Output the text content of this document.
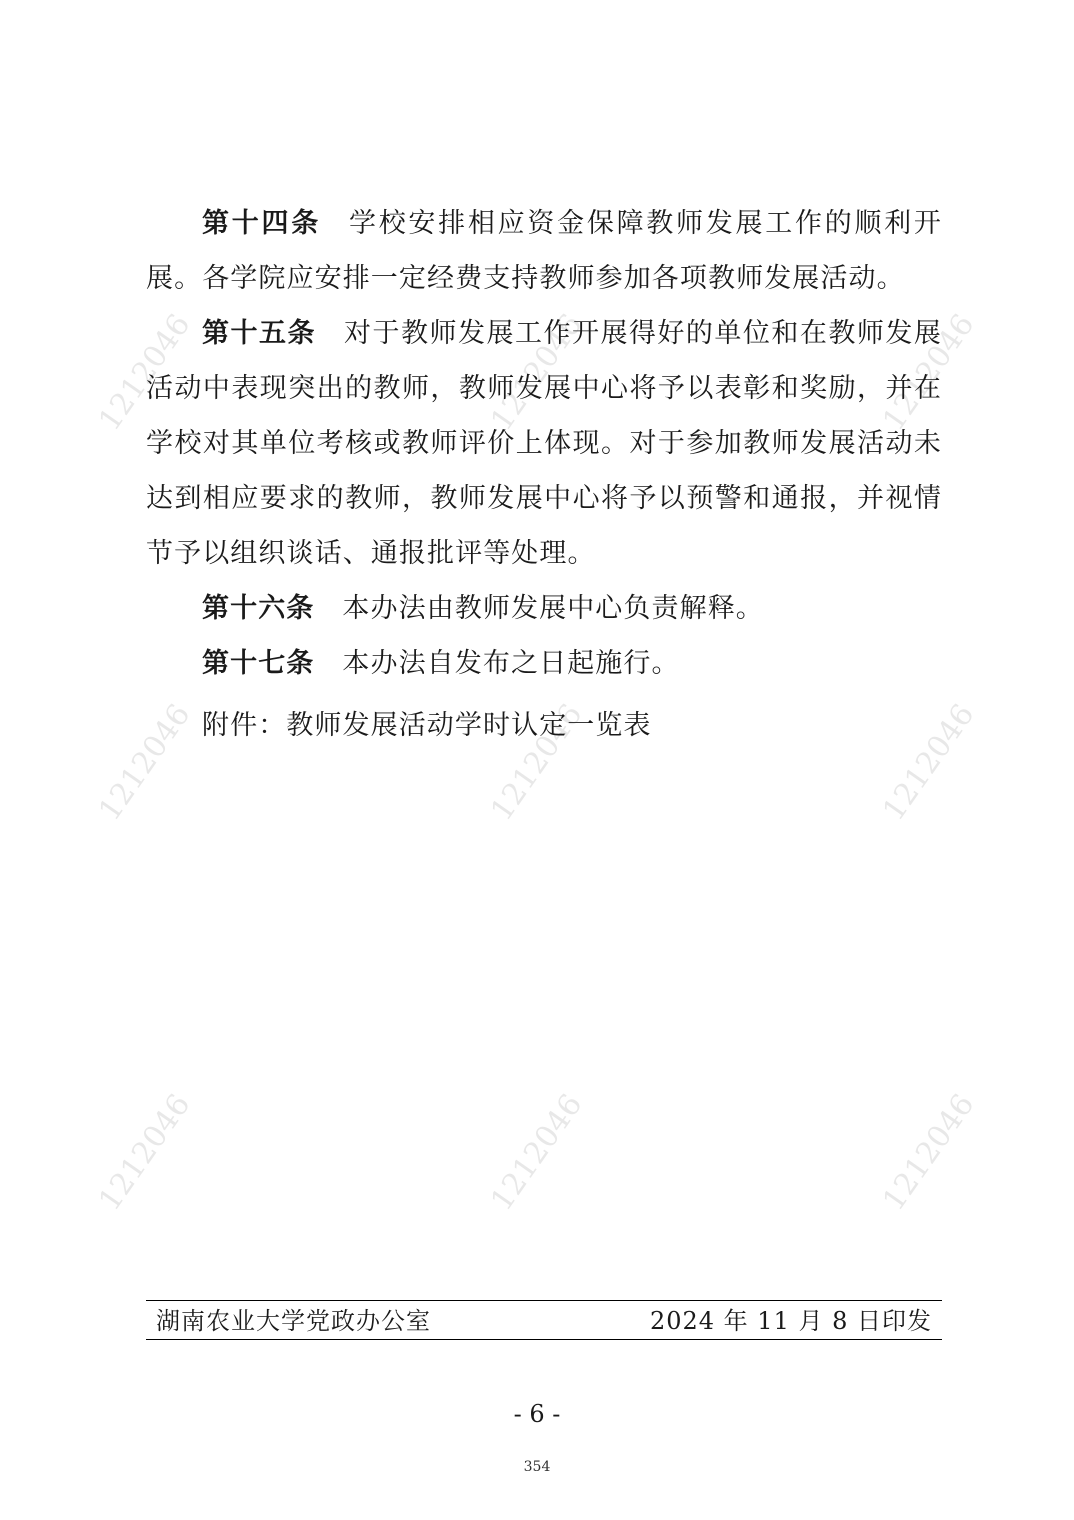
1212046	1212046	1212046
1212046	1212046	1212046
1212046	1212046	1212046

第十四条 学校安排相应资金保障教师发展工作的顺利开展。各学院应安排一定经费支持教师参加各项教师发展活动。

第十五条 对于教师发展工作开展得好的单位和在教师发展活动中表现突出的教师，教师发展中心将予以表彰和奖励，并在学校对其单位考核或教师评价上体现。对于参加教师发展活动未达到相应要求的教师，教师发展中心将予以预警和通报，并视情节予以组织谈话、通报批评等处理。

第十六条 本办法由教师发展中心负责解释。

第十七条 本办法自发布之日起施行。

附件：教师发展活动学时认定一览表
湖南农业大学党政办公室	2024 年 11 月 8 日印发
- 6 -
354
